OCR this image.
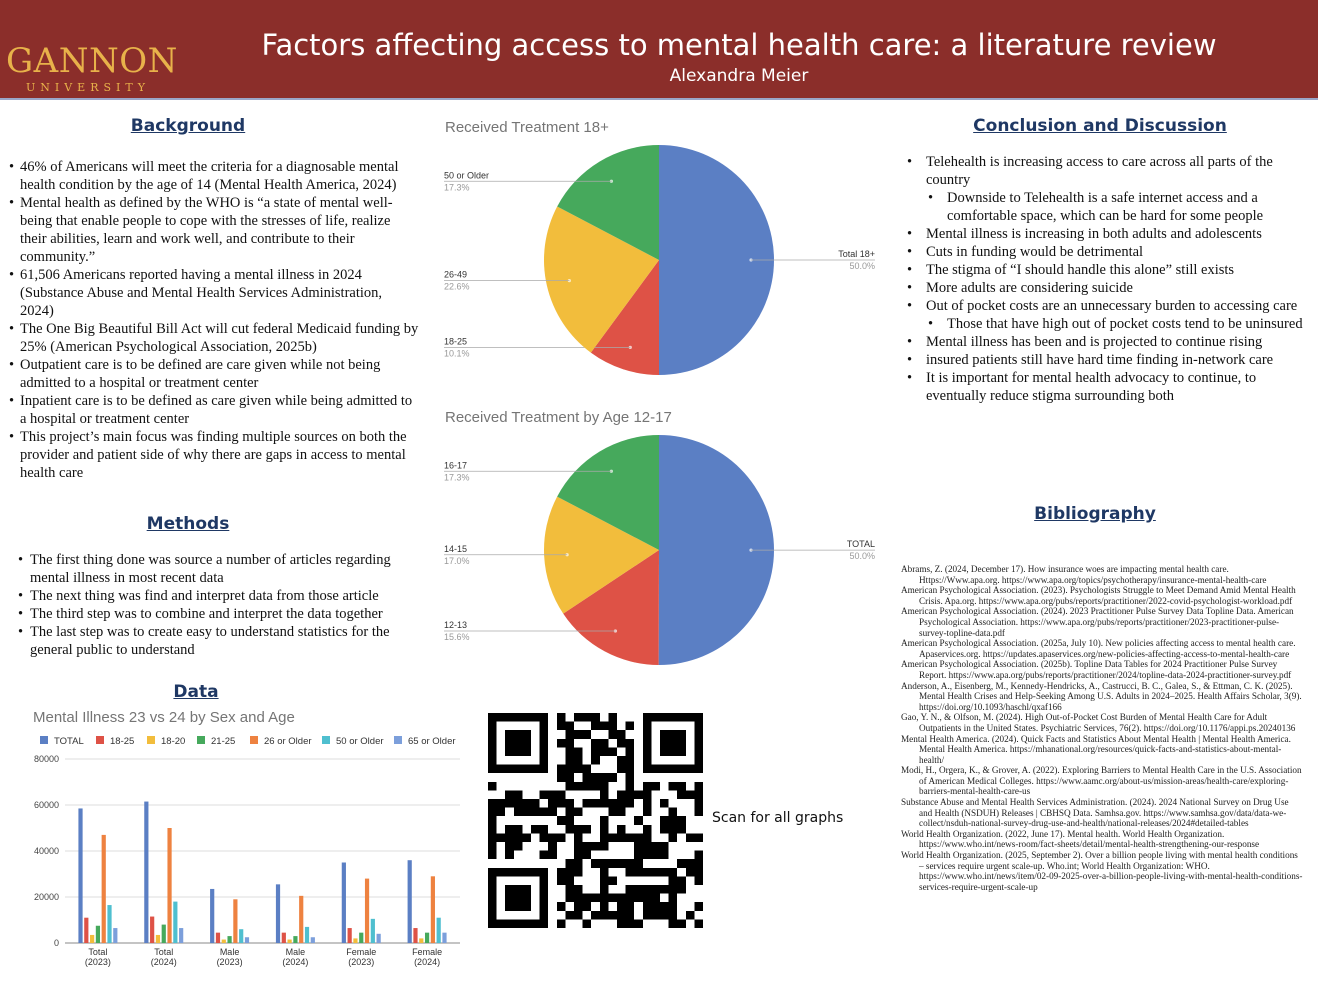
GANNON
UNIVERSITY
Factors affecting access to mental health care: a literature review
Alexandra Meier
Background
• 46% of Americans will meet the criteria for a diagnosable mental health condition by the age of 14 (Mental Health America, 2024)
• Mental health as defined by the WHO is “a state of mental well-being that enable people to cope with the stresses of life, realize their abilities, learn and work well, and contribute to their community.”
• 61,506 Americans reported having a mental illness in 2024 (Substance Abuse and Mental Health Services Administration, 2024)
• The One Big Beautiful Bill Act will cut federal Medicaid funding by 25% (American Psychological Association, 2025b)
• Outpatient care is to be defined are care given while not being admitted to a hospital or treatment center
• Inpatient care is to be defined as care given while being admitted to a hospital or treatment center
• This project’s main focus was finding multiple sources on both the provider and patient side of why there are gaps in access to mental health care
Methods
• The first thing done was source a number of articles regarding mental illness in most recent data
• The next thing was find and interpret data from those article
• The third step was to combine and interpret the data together
• The last step was to create easy to understand statistics for the general public to understand
Data
Received Treatment 18+
Total 18+
50.0%
18-25
10.1%
26-49
22.6%
50 or Older
17.3%
Received Treatment by Age 12-17
TOTAL
50.0%
12-13
15.6%
14-15
17.0%
16-17
17.3%
Mental Illness 23 vs 24 by Sex and Age
TOTAL	18-25	18-20	21-25	26 or Older	50 or Older	65 or Older
0
20000
40000
60000
80000
Total
(2023)
Total
(2024)
Male
(2023)
Male
(2024)
Female
(2023)
Female
(2024)
Scan for all graphs
Conclusion and Discussion
• Telehealth is increasing access to care across all parts of the country
• Downside to Telehealth is a safe internet access and a comfortable space, which can be hard for some people
• Mental illness is increasing in both adults and adolescents
• Cuts in funding would be detrimental
• The stigma of “I should handle this alone” still exists
• More adults are considering suicide
• Out of pocket costs are an unnecessary burden to accessing care
• Those that have high out of pocket costs tend to be uninsured
• Mental illness has been and is projected to continue rising
• insured patients still have hard time finding in-network care
• It is important for mental health advocacy to continue, to eventually reduce stigma surrounding both
Bibliography
Abrams, Z. (2024, December 17). How insurance woes are impacting mental health care. Https://Www.apa.org. https://www.apa.org/topics/psychotherapy/insurance-mental-health-care
American Psychological Association. (2023). Psychologists Struggle to Meet Demand Amid Mental Health Crisis. Apa.org. https://www.apa.org/pubs/reports/practitioner/2022-covid-psychologist-workload.pdf
American Psychological Association. (2024). 2023 Practitioner Pulse Survey Data Topline Data. American Psychological Association. https://www.apa.org/pubs/reports/practitioner/2023-practitioner-pulse-survey-topline-data.pdf
American Psychological Association. (2025a, July 10). New policies affecting access to mental health care. Apaservices.org. https://updates.apaservices.org/new-policies-affecting-access-to-mental-health-care
American Psychological Association. (2025b). Topline Data Tables for 2024 Practitioner Pulse Survey Report. https://www.apa.org/pubs/reports/practitioner/2024/topline-data-2024-practitioner-survey.pdf
Anderson, A., Eisenberg, M., Kennedy-Hendricks, A., Castrucci, B. C., Galea, S., & Ettman, C. K. (2025). Mental Health Crises and Help-Seeking Among U.S. Adults in 2024–2025. Health Affairs Scholar, 3(9). https://doi.org/10.1093/haschl/qxaf166
Gao, Y. N., & Olfson, M. (2024). High Out-of-Pocket Cost Burden of Mental Health Care for Adult Outpatients in the United States. Psychiatric Services, 76(2). https://doi.org/10.1176/appi.ps.20240136
Mental Health America. (2024). Quick Facts and Statistics About Mental Health | Mental Health America. Mental Health America. https://mhanational.org/resources/quick-facts-and-statistics-about-mental-health/
Modi, H., Orgera, K., & Grover, A. (2022). Exploring Barriers to Mental Health Care in the U.S. Association of American Medical Colleges. https://www.aamc.org/about-us/mission-areas/health-care/exploring-barriers-mental-health-care-us
Substance Abuse and Mental Health Services Administration. (2024). 2024 National Survey on Drug Use and Health (NSDUH) Releases | CBHSQ Data. Samhsa.gov. https://www.samhsa.gov/data/data-we-collect/nsduh-national-survey-drug-use-and-health/national-releases/2024#detailed-tables
World Health Organization. (2022, June 17). Mental health. World Health Organization. https://www.who.int/news-room/fact-sheets/detail/mental-health-strengthening-our-response
World Health Organization. (2025, September 2). Over a billion people living with mental health conditions – services require urgent scale-up. Who.int; World Health Organization: WHO. https://www.who.int/news/item/02-09-2025-over-a-billion-people-living-with-mental-health-conditions-services-require-urgent-scale-up
